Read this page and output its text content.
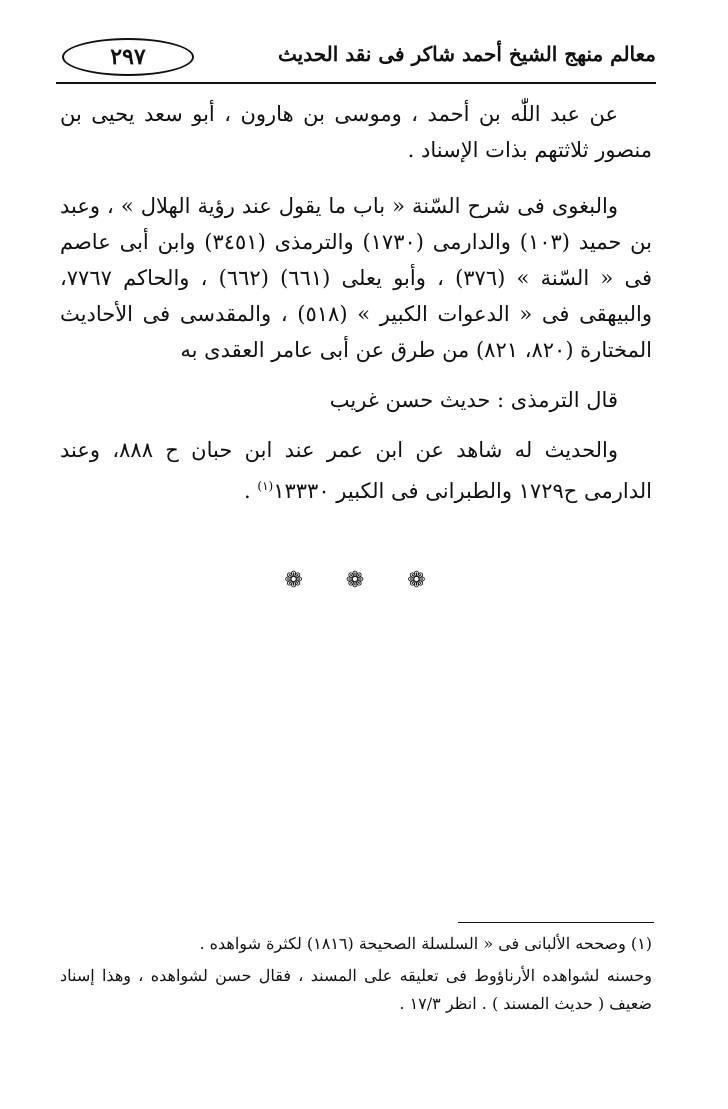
٢٩٧	معالم منهج الشيخ أحمد شاكر فى نقد الحديث

عن عبد اللّٰه بن أحمد ، وموسى بن هارون ، أبو سعد يحيى بن منصور ثلاثتهم بذات الإسناد .

والبغوى فى شرح السّنة « باب ما يقول عند رؤية الهلال » ، وعبد بن حميد (١٠٣) والدارمى (١٧٣٠) والترمذى (٣٤٥١) وابن أبى عاصم فى « السّنة » (٣٧٦) ، وأبو يعلى (٦٦١) (٦٦٢) ، والحاكم ٧٧٦٧، والبيهقى فى « الدعوات الكبير » (٥١٨) ، والمقدسى فى الأحاديث المختارة (٨٢٠، ٨٢١) من طرق عن أبى عامر العقدى به

قال الترمذى : حديث حسن غريب

والحديث له شاهد عن ابن عمر عند ابن حبان ح ٨٨٨، وعند الدارمى ح١٧٢٩ والطبرانى فى الكبير ١٣٣٣٠$^{(١)}$ .

❁ ❁ ❁

(١) وصححه الألبانى فى « السلسلة الصحيحة (١٨١٦) لكثرة شواهده .

وحسنه لشواهده الأرناؤوط فى تعليقه على المسند ، فقال حسن لشواهده ، وهذا إسناد ضعيف ( حديث المسند ) . انظر ١٧/٣ .
